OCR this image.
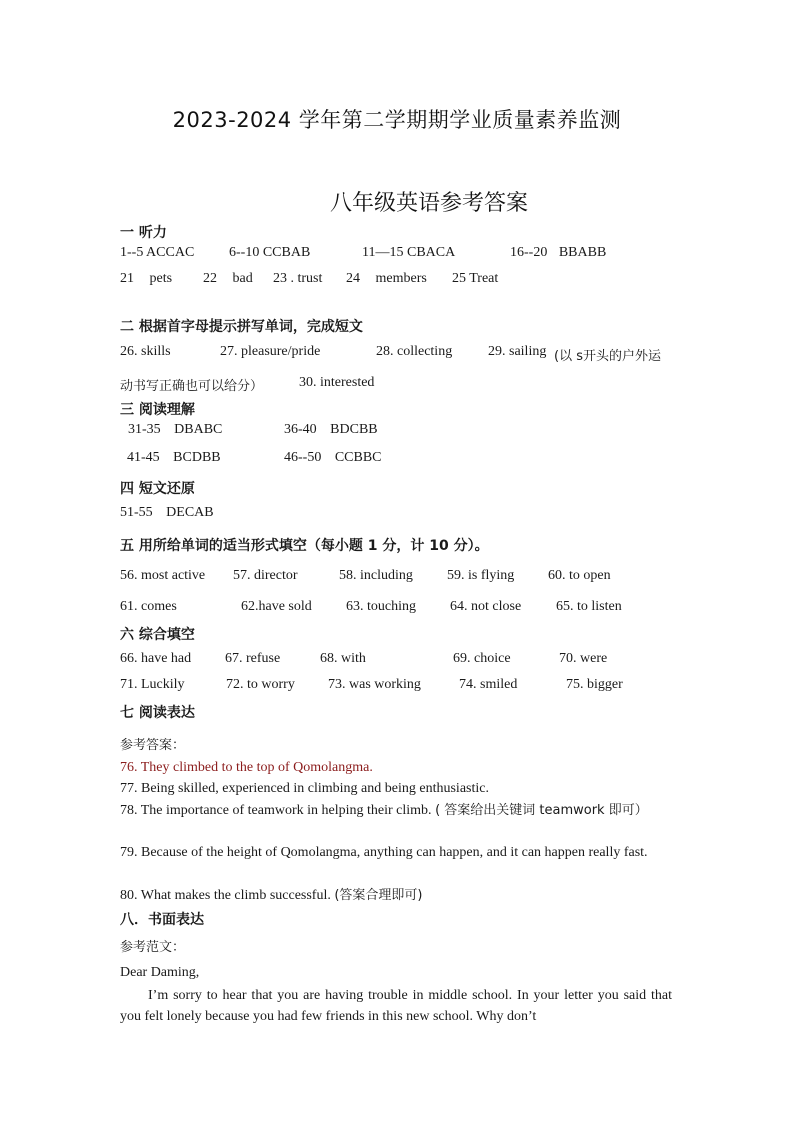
2023-2024 学年第二学期期学业质量素养监测
八年级英语参考答案
一 听力
1--5 ACCAC 6--10 CCBAB	11—15 CBACA	16--20 BBABB
21 pets 22 bad 23 . trust 24 members 25 Treat
二 根据首字母提示拼写单词，完成短文
26. skills	27. pleasure/pride	28. collecting	29. sailing (以 s开头的户外运
动书写正确也可以给分）	30. interested
三 阅读理解
31-35 DBABC	36-40 BDCBB
41-45 BCDBB	46--50 CCBBC
四 短文还原
51-55 DECAB
五 用所给单词的适当形式填空（每小题 1 分，计 10 分）。
56. most active 57. director	58. including 59. is flying 60. to open
61. comes	62.have sold 63. touching 64. not close 65. to listen
六 综合填空
66. have had 67. refuse	68. with	69. choice	70. were
71. Luckily	72. to worry 73. was working	74. smiled	75. bigger
七 阅读表达
参考答案：
76. They climbed to the top of Qomolangma.
77. Being skilled, experienced in climbing and being enthusiastic.
78. The importance of teamwork in helping their climb. ( 答案给出关键词 teamwork 即可）
79. Because of the height of Qomolangma, anything can happen, and it can happen really fast.
80. What makes the climb successful. (答案合理即可)
八．书面表达
参考范文：
Dear Daming,
I’m sorry to hear that you are having trouble in middle school. In your letter you said that you felt lonely because you had few friends in this new school. Why don’t
